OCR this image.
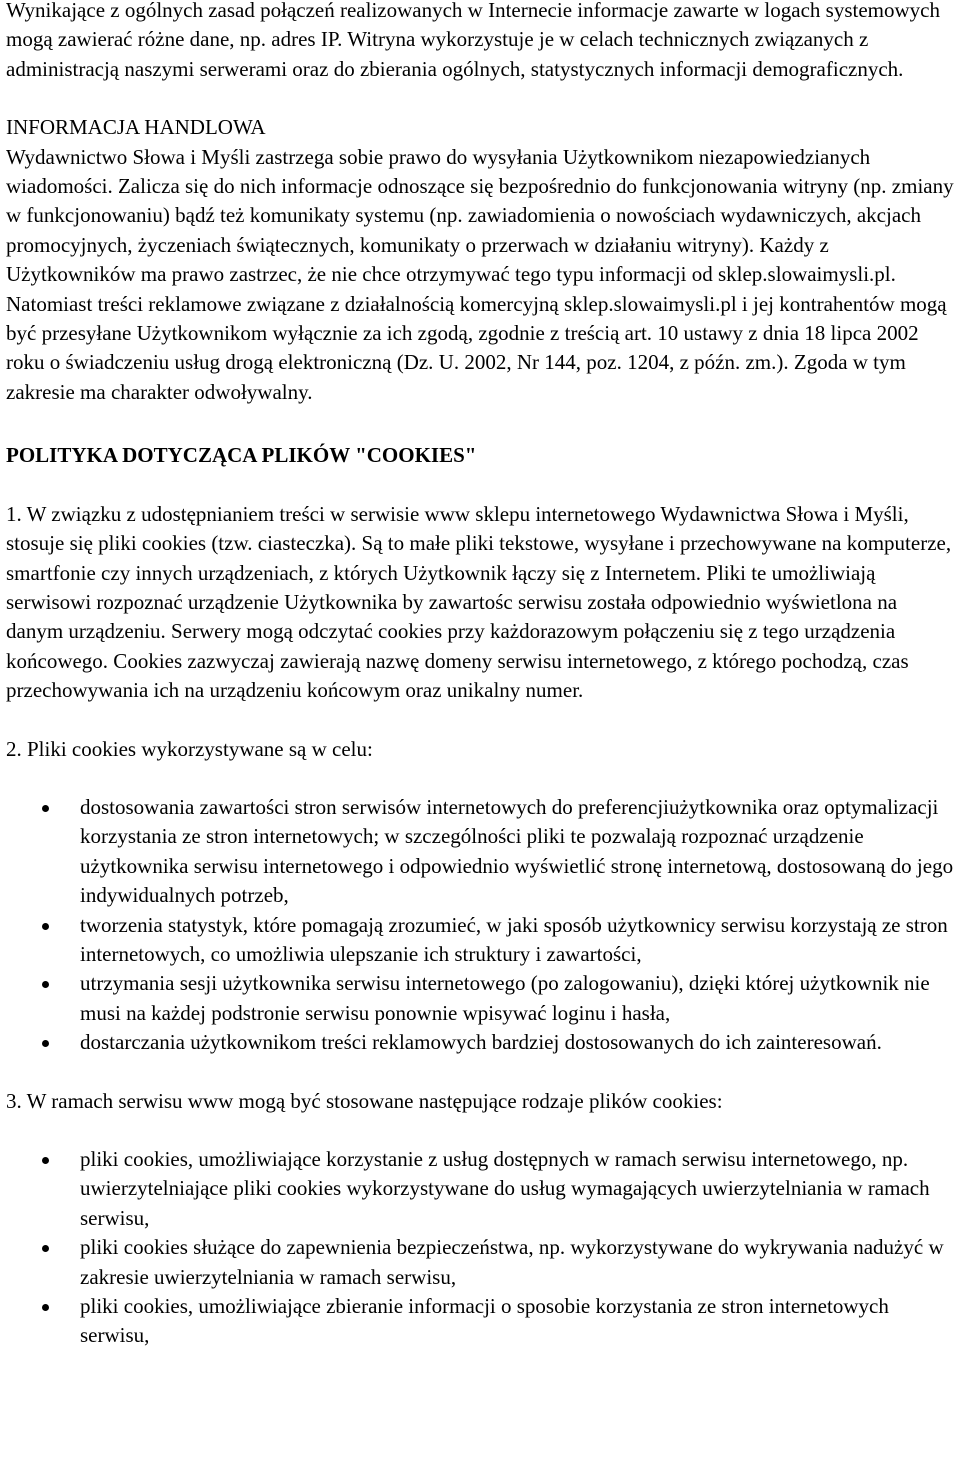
Wynikające z ogólnych zasad połączeń realizowanych w Internecie informacje zawarte w logach systemowych mogą zawierać różne dane, np. adres IP. Witryna wykorzystuje je w celach technicznych związanych z administracją naszymi serwerami oraz do zbierania ogólnych, statystycznych informacji demograficznych.

INFORMACJA HANDLOWA

Wydawnictwo Słowa i Myśli zastrzega sobie prawo do wysyłania Użytkownikom niezapowiedzianych wiadomości. Zalicza się do nich informacje odnoszące się bezpośrednio do funkcjonowania witryny (np. zmiany w funkcjonowaniu) bądź też komunikaty systemu (np. zawiadomienia o nowościach wydawniczych, akcjach promocyjnych, życzeniach świątecznych, komunikaty o przerwach w działaniu witryny). Każdy z Użytkowników ma prawo zastrzec, że nie chce otrzymywać tego typu informacji od sklep.slowaimysli.pl. Natomiast treści reklamowe związane z działalnością komercyjną sklep.slowaimysli.pl i jej kontrahentów mogą być przesyłane Użytkownikom wyłącznie za ich zgodą, zgodnie z treścią art. 10 ustawy z dnia 18 lipca 2002 roku o świadczeniu usług drogą elektroniczną (Dz. U. 2002, Nr 144, poz. 1204, z późn. zm.). Zgoda w tym zakresie ma charakter odwoływalny.

POLITYKA DOTYCZĄCA PLIKÓW "COOKIES"

1. W związku z udostępnianiem treści w serwisie www sklepu internetowego Wydawnictwa Słowa i Myśli, stosuje się pliki cookies (tzw. ciasteczka). Są to małe pliki tekstowe, wysyłane i przechowywane na komputerze, smartfonie czy innych urządzeniach, z których Użytkownik łączy się z Internetem. Pliki te umożliwiają serwisowi rozpoznać urządzenie Użytkownika by zawartośc serwisu została odpowiednio wyświetlona na danym urządzeniu. Serwery mogą odczytać cookies przy każdorazowym połączeniu się z tego urządzenia końcowego. Cookies zazwyczaj zawierają nazwę domeny serwisu internetowego, z którego pochodzą, czas przechowywania ich na urządzeniu końcowym oraz unikalny numer.

2. Pliki cookies wykorzystywane są w celu:

dostosowania zawartości stron serwisów internetowych do preferencjiużytkownika oraz optymalizacji korzystania ze stron internetowych; w szczególności pliki te pozwalają rozpoznać urządzenie użytkownika serwisu internetowego i odpowiednio wyświetlić stronę internetową, dostosowaną do jego indywidualnych potrzeb,
tworzenia statystyk, które pomagają zrozumieć, w jaki sposób użytkownicy serwisu korzystają ze stron internetowych, co umożliwia ulepszanie ich struktury i zawartości,
utrzymania sesji użytkownika serwisu internetowego (po zalogowaniu), dzięki której użytkownik nie musi na każdej podstronie serwisu ponownie wpisywać loginu i hasła,
dostarczania użytkownikom treści reklamowych bardziej dostosowanych do ich zainteresowań.

3. W ramach serwisu www mogą być stosowane następujące rodzaje plików cookies:

pliki cookies, umożliwiające korzystanie z usług dostępnych w ramach serwisu internetowego, np. uwierzytelniające pliki cookies wykorzystywane do usług wymagających uwierzytelniania w ramach serwisu,
pliki cookies służące do zapewnienia bezpieczeństwa, np. wykorzystywane do wykrywania nadużyć w zakresie uwierzytelniania w ramach serwisu,
pliki cookies, umożliwiające zbieranie informacji o sposobie korzystania ze stron internetowych serwisu,
